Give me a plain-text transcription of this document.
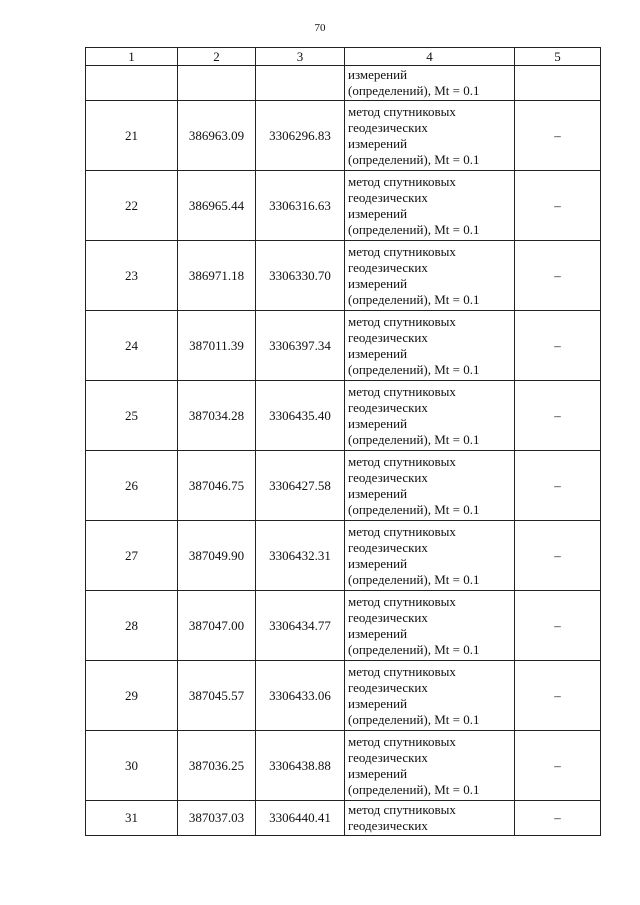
70
1	2	3	4	5

			измерений
(определений), Mt = 0.1	

21	386963.09	3306296.83	метод спутниковых
геодезических
измерений
(определений), Mt = 0.1	–
22	386965.44	3306316.63	метод спутниковых
геодезических
измерений
(определений), Mt = 0.1	–
23	386971.18	3306330.70	метод спутниковых
геодезических
измерений
(определений), Mt = 0.1	–
24	387011.39	3306397.34	метод спутниковых
геодезических
измерений
(определений), Mt = 0.1	–
25	387034.28	3306435.40	метод спутниковых
геодезических
измерений
(определений), Mt = 0.1	–
26	387046.75	3306427.58	метод спутниковых
геодезических
измерений
(определений), Mt = 0.1	–
27	387049.90	3306432.31	метод спутниковых
геодезических
измерений
(определений), Mt = 0.1	–
28	387047.00	3306434.77	метод спутниковых
геодезических
измерений
(определений), Mt = 0.1	–
29	387045.57	3306433.06	метод спутниковых
геодезических
измерений
(определений), Mt = 0.1	–
30	387036.25	3306438.88	метод спутниковых
геодезических
измерений
(определений), Mt = 0.1	–
31	387037.03	3306440.41	метод спутниковых
геодезических	–
